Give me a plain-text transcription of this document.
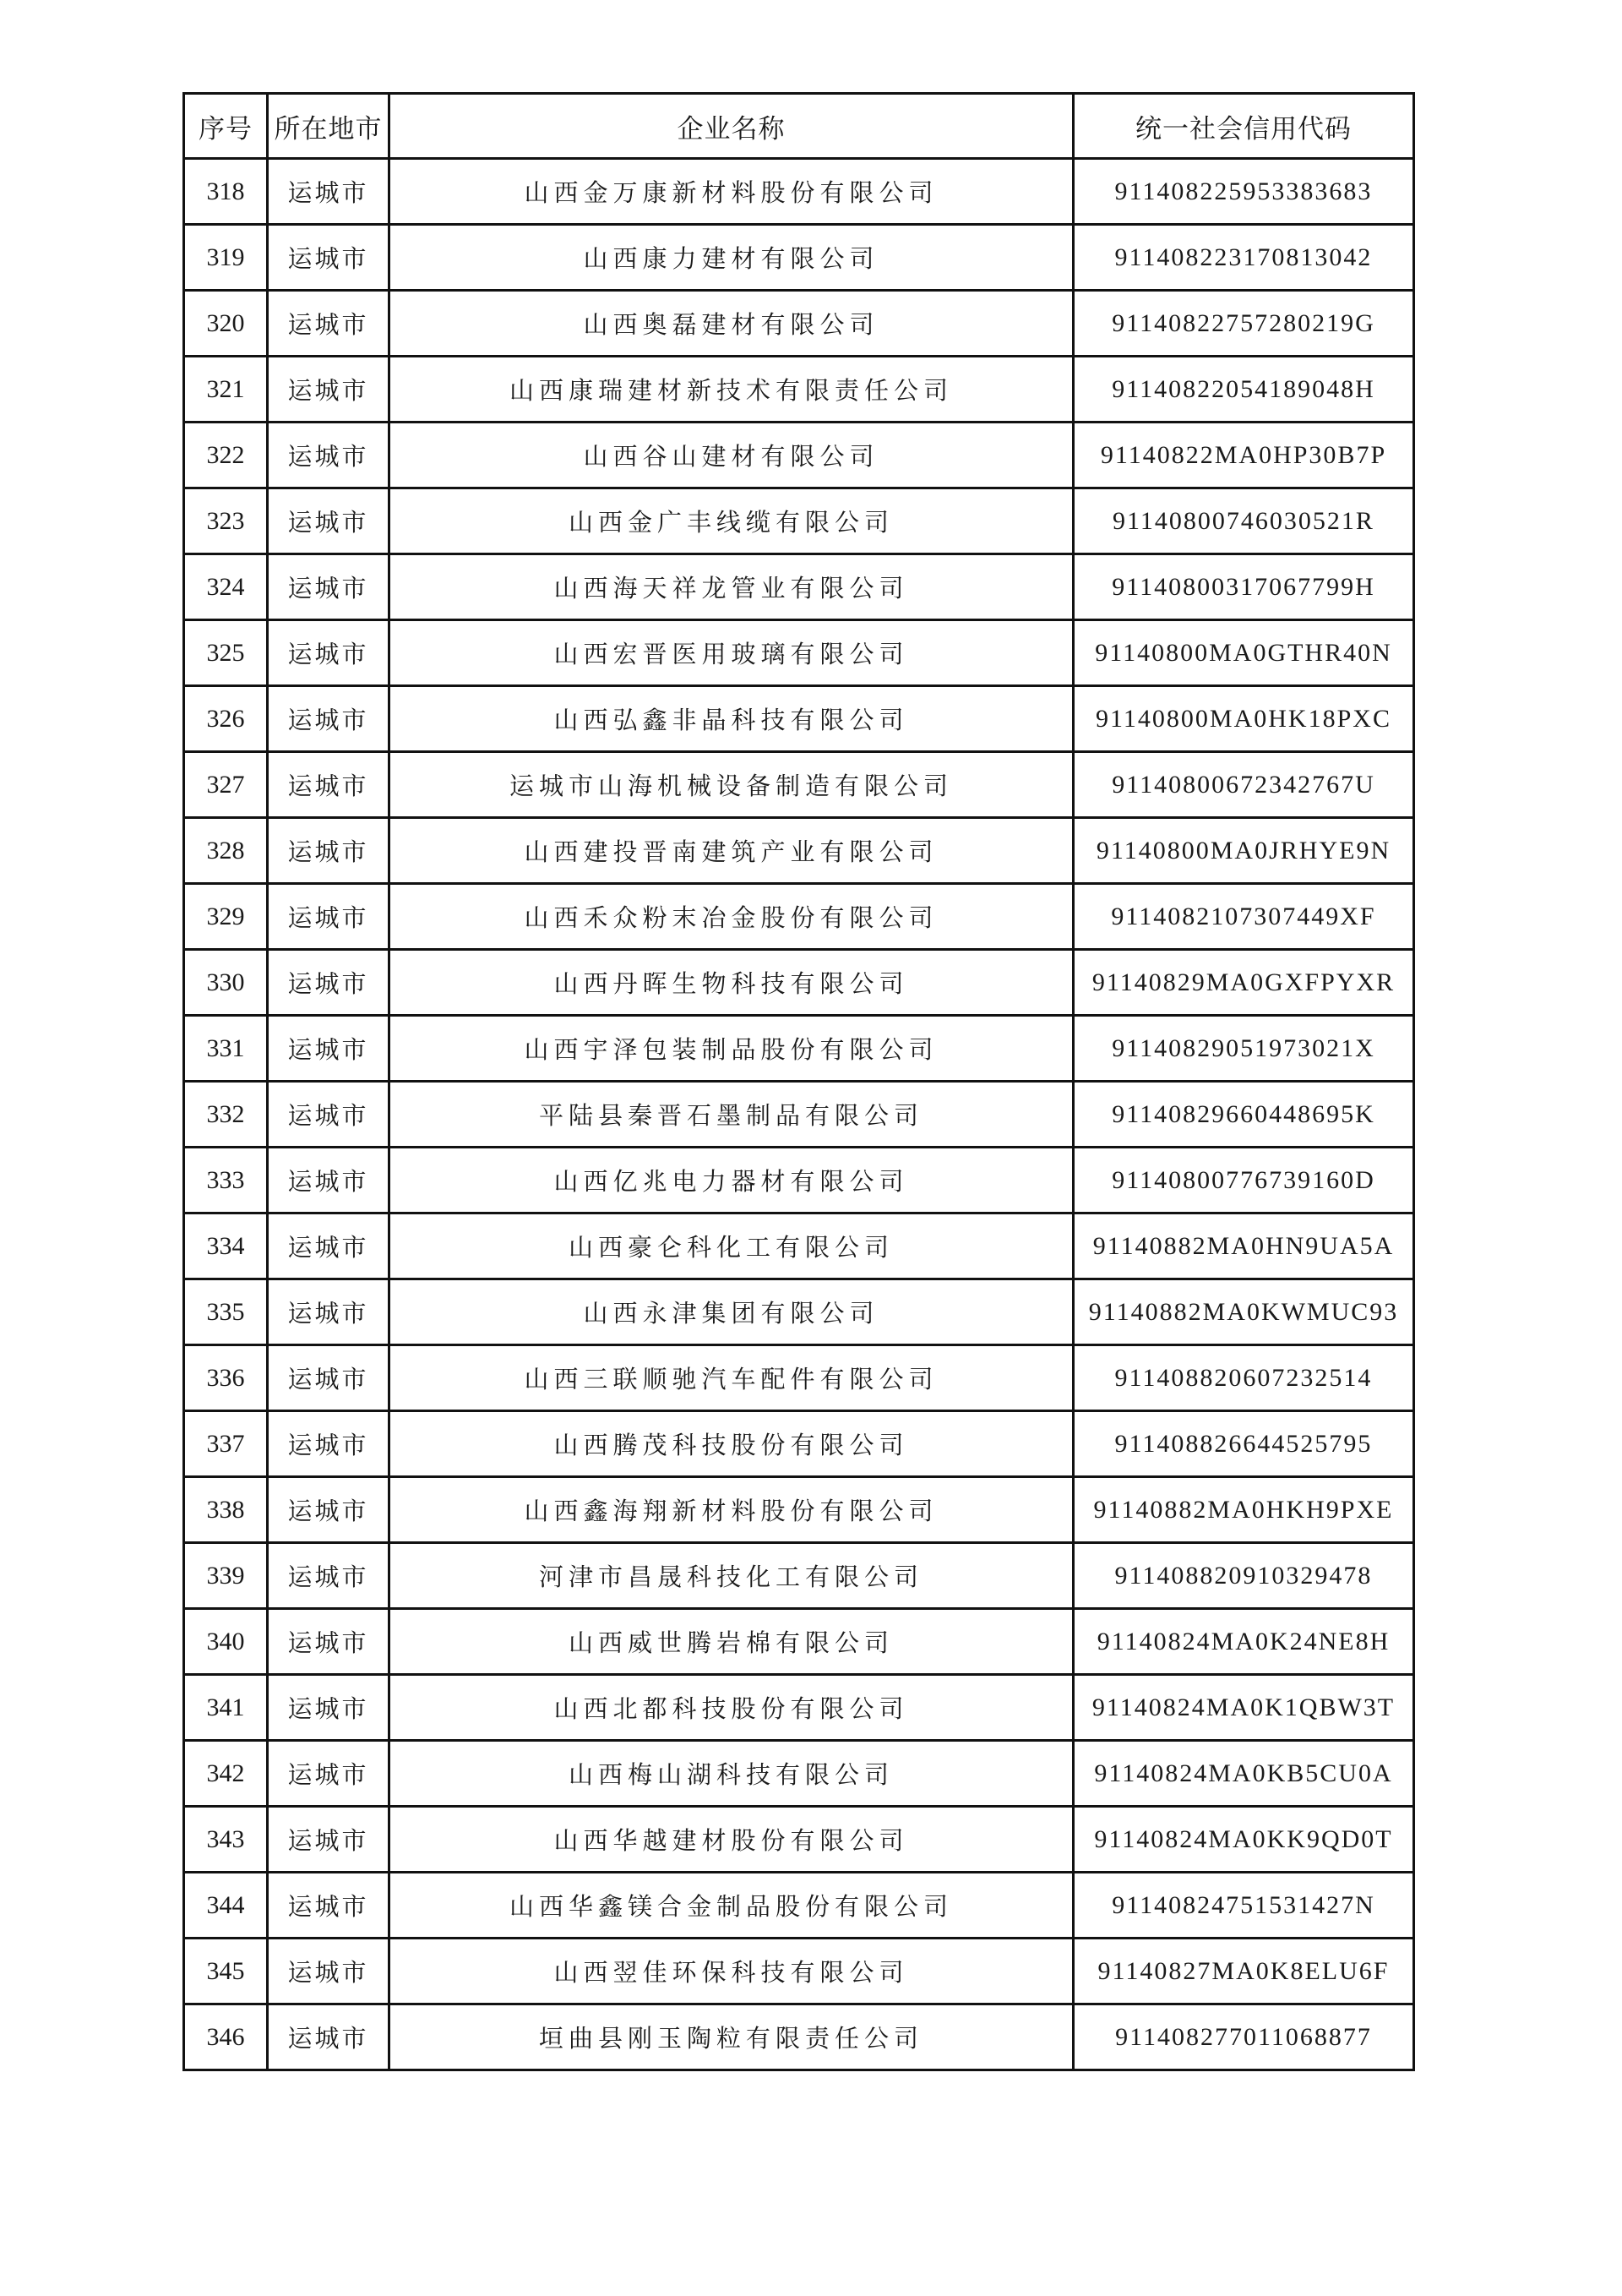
序号	所在地市	企业名称	统一社会信用代码
318	运城市	山西金万康新材料股份有限公司	911408225953383683
319	运城市	山西康力建材有限公司	911408223170813042
320	运城市	山西奥磊建材有限公司	91140822757280219G
321	运城市	山西康瑞建材新技术有限责任公司	91140822054189048H
322	运城市	山西谷山建材有限公司	91140822MA0HP30B7P
323	运城市	山西金广丰线缆有限公司	91140800746030521R
324	运城市	山西海天祥龙管业有限公司	91140800317067799H
325	运城市	山西宏晋医用玻璃有限公司	91140800MA0GTHR40N
326	运城市	山西弘鑫非晶科技有限公司	91140800MA0HK18PXC
327	运城市	运城市山海机械设备制造有限公司	91140800672342767U
328	运城市	山西建投晋南建筑产业有限公司	91140800MA0JRHYE9N
329	运城市	山西禾众粉末冶金股份有限公司	9114082107307449XF
330	运城市	山西丹晖生物科技有限公司	91140829MA0GXFPYXR
331	运城市	山西宇泽包装制品股份有限公司	91140829051973021X
332	运城市	平陆县秦晋石墨制品有限公司	91140829660448695K
333	运城市	山西亿兆电力器材有限公司	91140800776739160D
334	运城市	山西豪仑科化工有限公司	91140882MA0HN9UA5A
335	运城市	山西永津集团有限公司	91140882MA0KWMUC93
336	运城市	山西三联顺驰汽车配件有限公司	911408820607232514
337	运城市	山西腾茂科技股份有限公司	911408826644525795
338	运城市	山西鑫海翔新材料股份有限公司	91140882MA0HKH9PXE
339	运城市	河津市昌晟科技化工有限公司	911408820910329478
340	运城市	山西威世腾岩棉有限公司	91140824MA0K24NE8H
341	运城市	山西北都科技股份有限公司	91140824MA0K1QBW3T
342	运城市	山西梅山湖科技有限公司	91140824MA0KB5CU0A
343	运城市	山西华越建材股份有限公司	91140824MA0KK9QD0T
344	运城市	山西华鑫镁合金制品股份有限公司	91140824751531427N
345	运城市	山西翌佳环保科技有限公司	91140827MA0K8ELU6F
346	运城市	垣曲县刚玉陶粒有限责任公司	911408277011068877
